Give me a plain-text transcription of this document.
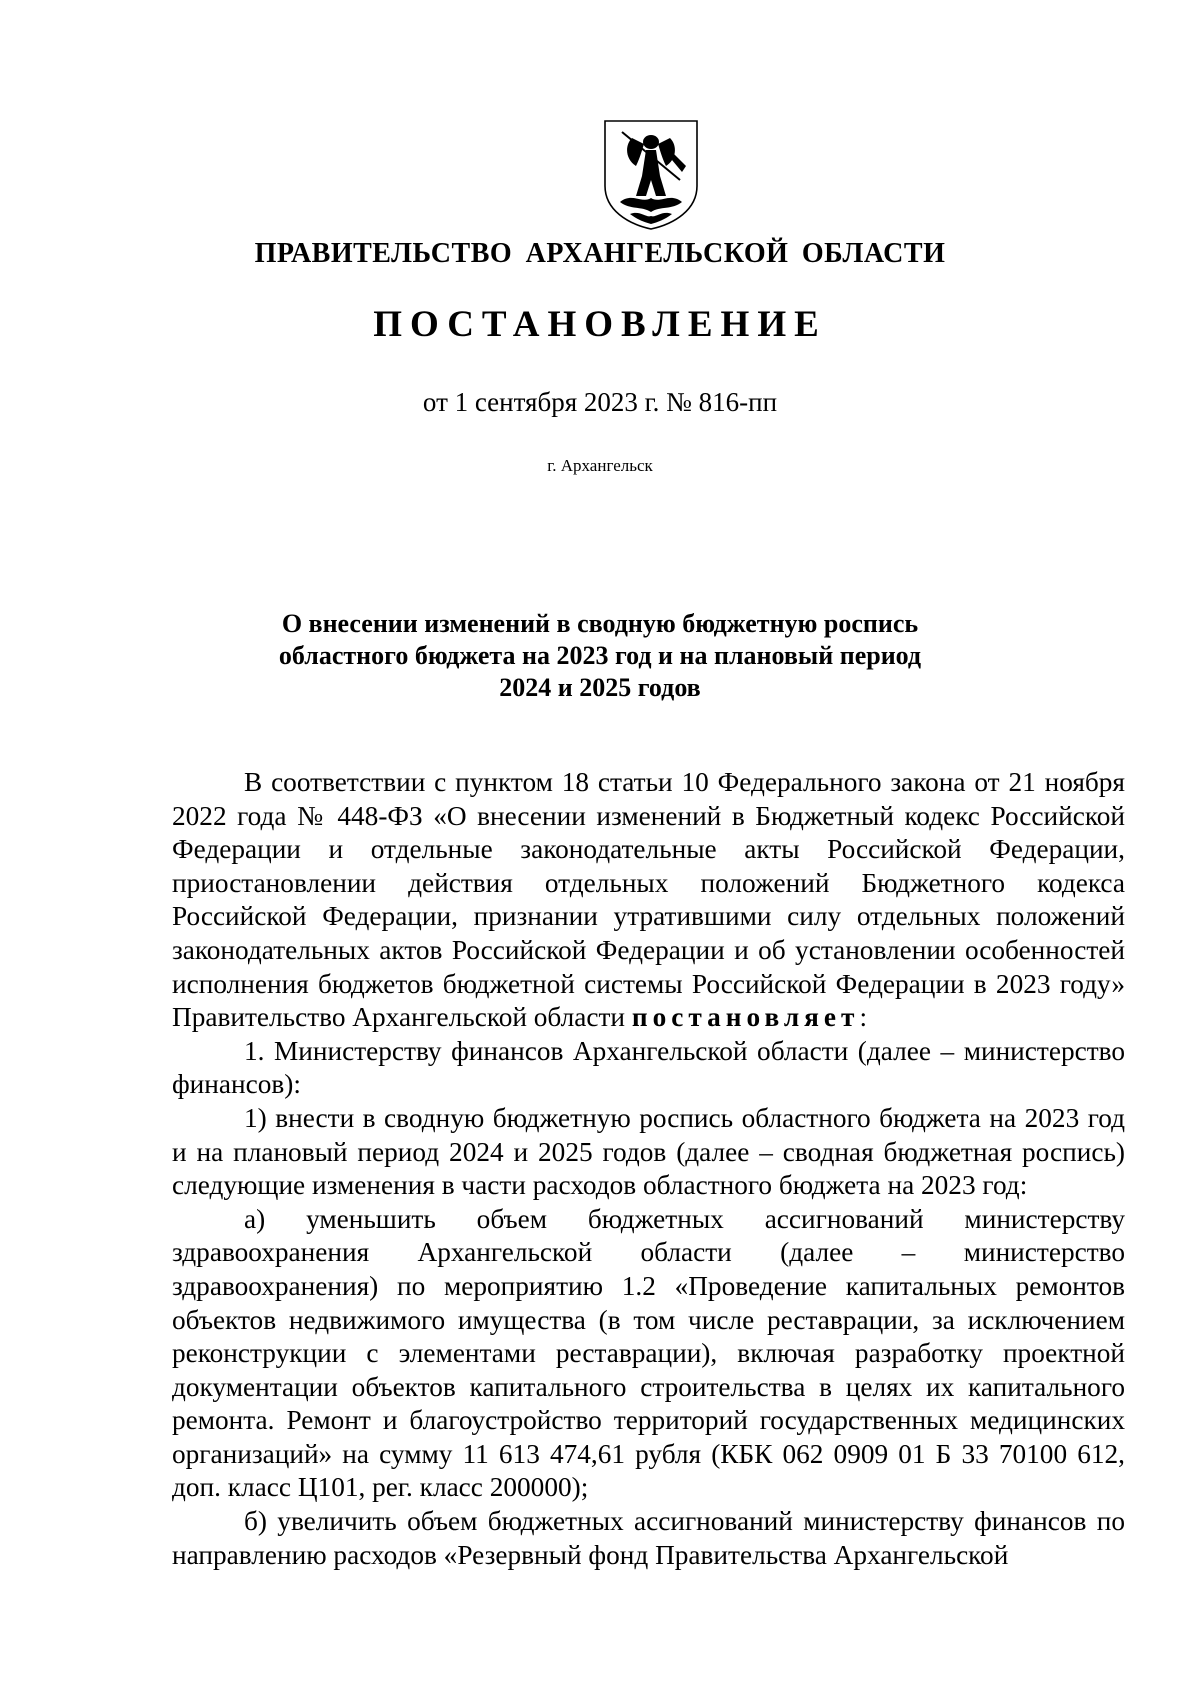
ПРАВИТЕЛЬСТВО АРХАНГЕЛЬСКОЙ ОБЛАСТИ
ПОСТАНОВЛЕНИЕ
от 1 сентября 2023 г. № 816-пп
г. Архангельск
О внесении изменений в сводную бюджетную роспись
областного бюджета на 2023 год и на плановый период
2024 и 2025 годов

В соответствии с пунктом 18 статьи 10 Федерального закона от 21 ноября 2022 года № 448-ФЗ «О внесении изменений в Бюджетный кодекс Российской Федерации и отдельные законодательные акты Российской Федерации, приостановлении действия отдельных положений Бюджетного кодекса Российской Федерации, признании утратившими силу отдельных положений законодательных актов Российской Федерации и об установлении особенностей исполнения бюджетов бюджетной системы Российской Федерации в 2023 году» Правительство Архангельской области постановляет:

1. Министерству финансов Архангельской области (далее – министерство финансов):

1) внести в сводную бюджетную роспись областного бюджета на 2023 год и на плановый период 2024 и 2025 годов (далее – сводная бюджетная роспись) следующие изменения в части расходов областного бюджета на 2023 год:

а) уменьшить объем бюджетных ассигнований министерству здравоохранения Архангельской области (далее – министерство здравоохранения) по мероприятию 1.2 «Проведение капитальных ремонтов объектов недвижимого имущества (в том числе реставрации, за исключением реконструкции с элементами реставрации), включая разработку проектной документации объектов капитального строительства в целях их капитального ремонта. Ремонт и благоустройство территорий государственных медицинских организаций» на сумму 11 613 474,61 рубля (КБК 062 0909 01 Б 33 70100 612, доп. класс Ц101, рег. класс 200000);

б) увеличить объем бюджетных ассигнований министерству финансов по направлению расходов «Резервный фонд Правительства Архангельской
